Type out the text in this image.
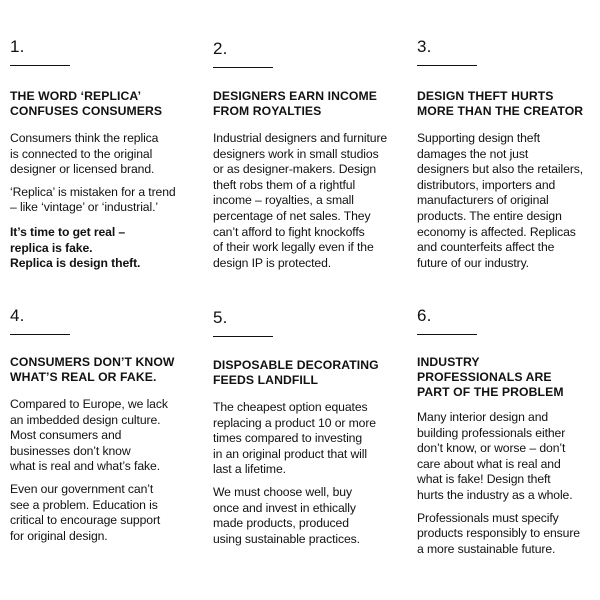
1.
THE WORD ‘REPLICA’
CONFUSES CONSUMERS
Consumers think the replica
is connected to the original
designer or licensed brand.
‘Replica’ is mistaken for a trend
– like ‘vintage’ or ‘industrial.’
It’s time to get real –
replica is fake.
Replica is design theft.
2.
DESIGNERS EARN INCOME
FROM ROYALTIES
Industrial designers and furniture
designers work in small studios
or as designer-makers. Design
theft robs them of a rightful
income – royalties, a small
percentage of net sales. They
can’t afford to fight knockoffs
of their work legally even if the
design IP is protected.
3.
DESIGN THEFT HURTS
MORE THAN THE CREATOR
Supporting design theft
damages the not just
designers but also the retailers,
distributors, importers and
manufacturers of original
products. The entire design
economy is affected. Replicas
and counterfeits affect the
future of our industry.
4.
CONSUMERS DON’T KNOW
WHAT’S REAL OR FAKE.
Compared to Europe, we lack
an imbedded design culture.
Most consumers and
businesses don’t know
what is real and what’s fake.
Even our government can’t
see a problem. Education is
critical to encourage support
for original design.
5.
DISPOSABLE DECORATING
FEEDS LANDFILL
The cheapest option equates
replacing a product 10 or more
times compared to investing
in an original product that will
last a lifetime.
We must choose well, buy
once and invest in ethically
made products, produced
using sustainable practices.
6.
INDUSTRY
PROFESSIONALS ARE
PART OF THE PROBLEM
Many interior design and
building professionals either
don’t know, or worse – don’t
care about what is real and
what is fake! Design theft
hurts the industry as a whole.
Professionals must specify
products responsibly to ensure
a more sustainable future.
